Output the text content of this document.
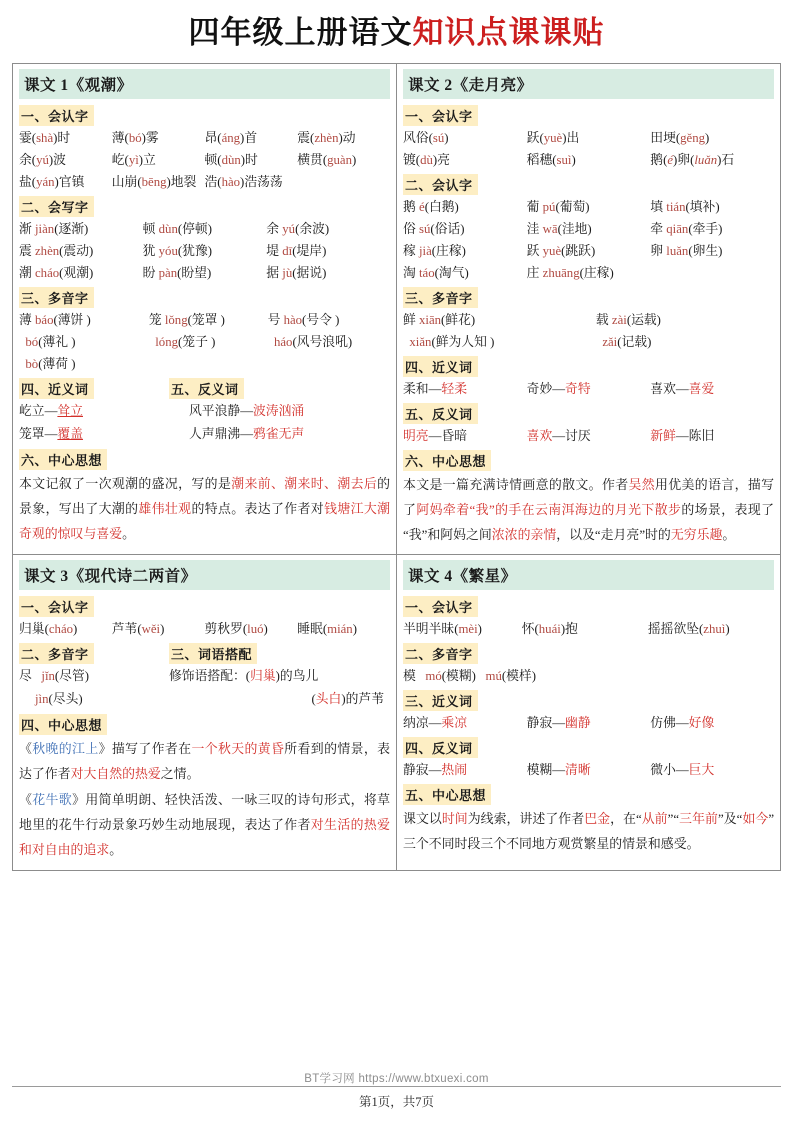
四年级上册语文知识点课课贴
课文 1《观潮》
一、会认字
霎(shà)时	薄(bó)雾	昂(áng)首	震(zhèn)动
余(yú)波	屹(yì)立	顿(dùn)时	横贯(guàn)
盐(yán)官镇	山崩(bēng)地裂 浩(hào)浩荡荡
二、会写字
渐 jiàn(逐渐)	顿 dùn(停顿)	余 yú(余波)
震 zhèn(震动)	犹 yóu(犹豫)	堤 dī(堤岸)
潮 cháo(观潮)	盼 pàn(盼望)	据 jù(据说)
三、多音字
薄 báo(薄饼 )	笼 lǒng(笼罩 )	号 hào(号令 )
bó(薄礼 )	lóng(笼子 )	háo(风号浪吼)
bò(薄荷 )

四、近义词	五、反义词
屹立—耸立	风平浪静—波涛汹涌
笼罩—覆盖	人声鼎沸—鸦雀无声
六、中心思想
本文记叙了一次观潮的盛况，写的是潮来前、潮来时、潮去后的景象，写出了大潮的雄伟壮观的特点。表达了作者对钱塘江大潮奇观的惊叹与喜爱。

课文 2《走月亮》
一、会认字
风俗(sú)	跃(yuè)出	田埂(gěng)
镀(dù)亮	稻穗(suì)	鹅(é)卵(luǎn)石
二、会认字
鹅 é(白鹅)	葡 pú(葡萄)	填 tián(填补)
俗 sú(俗话)	洼 wā(洼地)	牵 qiān(牵手)
稼 jià(庄稼)	跃 yuè(跳跃)	卵 luǎn(卵生)
淘 táo(淘气)	庄 zhuāng(庄稼)
三、多音字
鲜 xiān(鲜花)	载 zài(运载)
xiǎn(鲜为人知 )	zǎi(记载)
四、近义词
柔和—轻柔	奇妙—奇特	喜欢—喜爱
五、反义词
明亮—昏暗	喜欢—讨厌	新鲜—陈旧
六、中心思想
本文是一篇充满诗情画意的散文。作者吴然用优美的语言，描写了阿妈牵着“我”的手在云南洱海边的月光下散步的场景，表现了“我”和阿妈之间浓浓的亲情，以及“走月亮”时的无穷乐趣。

课文 3《现代诗二两首》
一、会认字
归巢(cháo)	芦苇(wěi)	剪秋罗(luó)	睡眠(mián)
二、多音字	三、词语搭配
尽   jǐn(尽管)	修饰语搭配：(归巢)的鸟儿
jìn(尽头)	(头白)的芦苇
四、中心思想
《秋晚的江上》描写了作者在一个秋天的黄昏所看到的情景，表达了作者对大自然的热爱之情。
《花牛歌》用简单明朗、轻快活泼、一咏三叹的诗句形式，将草地里的花牛行动景象巧妙生动地展现，表达了作者对生活的热爱和对自由的追求。

课文 4《繁星》
一、会认字
半明半昧(mèi)	怀(huái)抱	摇摇欲坠(zhuì)
二、多音字
模   mó(模糊)   mú(模样)
三、近义词
纳凉—乘凉	静寂—幽静	仿佛—好像
四、反义词
静寂—热闹	模糊—清晰	微小—巨大
五、中心思想
课文以时间为线索，讲述了作者巴金，在“从前”“三年前”及“如今”三个不同时段三个不同地方观赏繁星的情景和感受。
BT学习网 https://www.btxuexi.com
第1页，共7页
